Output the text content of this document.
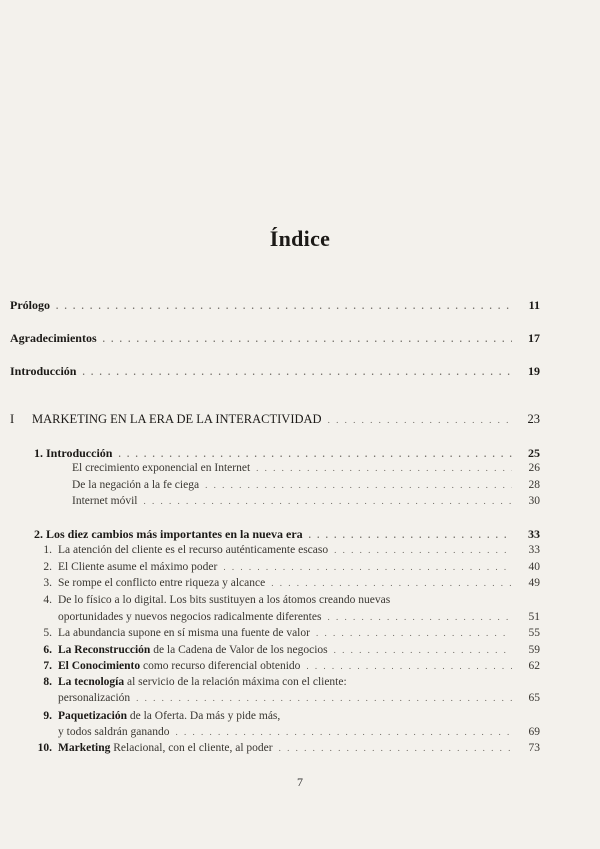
Índice
Prólogo . . .	11
Agradecimientos . . .	17
Introducción . . .	19
I MARKETING EN LA ERA DE LA INTERACTIVIDAD . . .	23
1. Introducción . . .	25
El crecimiento exponencial en Internet . . .	26
De la negación a la fe ciega . . .	28
Internet móvil . . .	30
2. Los diez cambios más importantes en la nueva era . . .	33
1. La atención del cliente es el recurso auténticamente escaso . . .	33
2. El Cliente asume el máximo poder . . .	40
3. Se rompe el conflicto entre riqueza y alcance . . .	49
4. De lo físico a lo digital. Los bits sustituyen a los átomos creando nuevas
oportunidades y nuevos negocios radicalmente diferentes . . .	51
5. La abundancia supone en sí misma una fuente de valor . . .	55
6. La Reconstrucción de la Cadena de Valor de los negocios . . .	59
7. El Conocimiento como recurso diferencial obtenido . . .	62
8. La tecnología al servicio de la relación máxima con el cliente:
personalización . . .	65
9. Paquetización de la Oferta. Da más y pide más,
y todos saldrán ganando . . .	69
10. Marketing Relacional, con el cliente, al poder . . .	73
7
